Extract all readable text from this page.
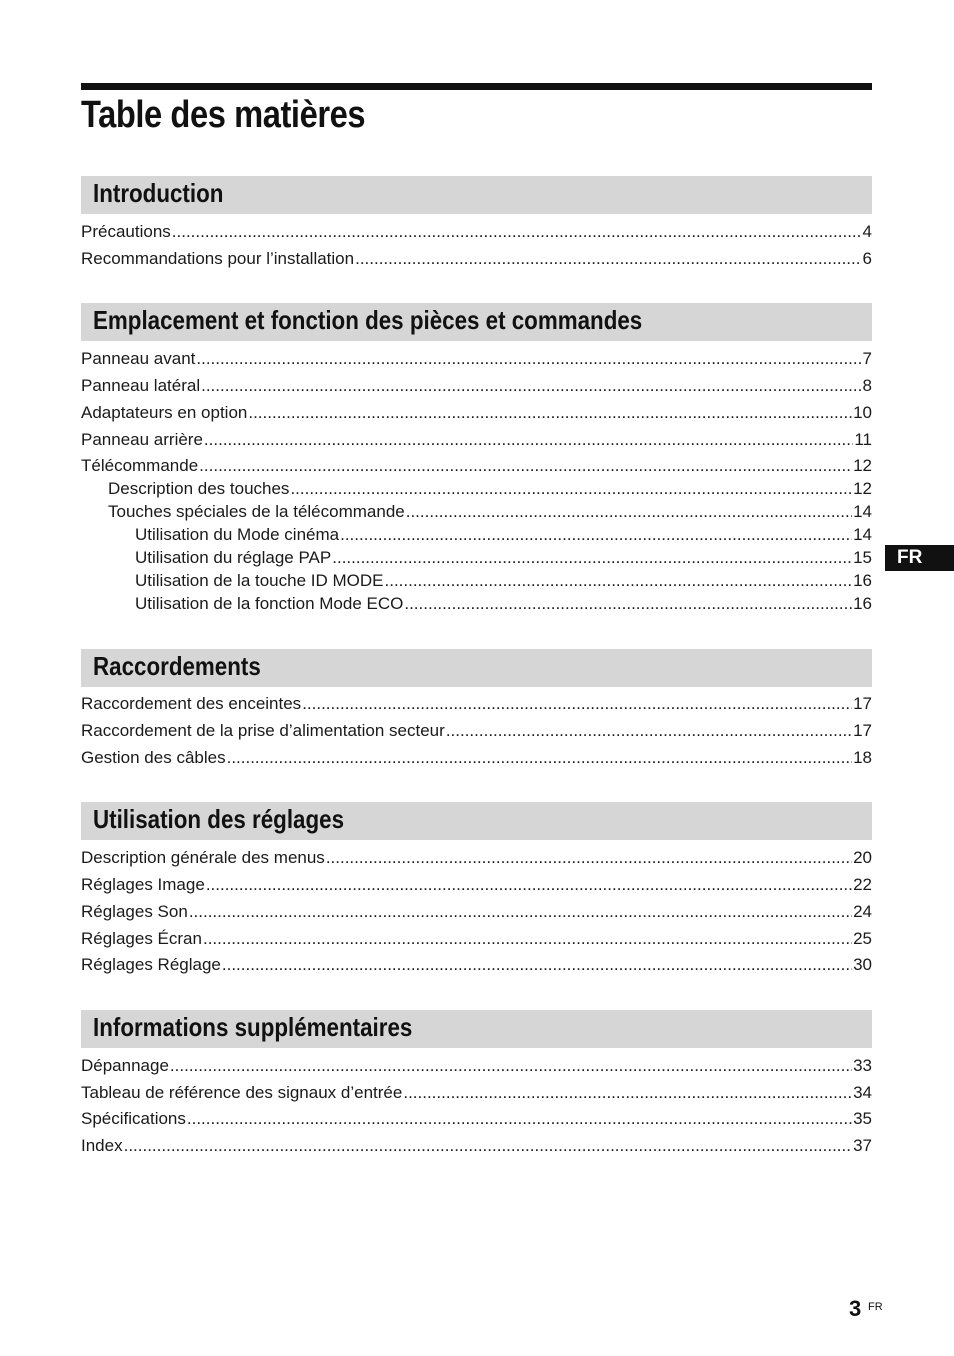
Table des matières
Introduction
Emplacement et fonction des pièces et commandes
Raccordements
Utilisation des réglages
Informations supplémentaires
Précautions .....	4
Recommandations pour l’installation .....	6
Panneau avant .....	7
Panneau latéral .....	8
Adaptateurs en option .....	10
Panneau arrière .....	11
Télécommande .....	12
Description des touches .....	12
Touches spéciales de la télécommande .....	14
Utilisation du Mode cinéma .....	14
Utilisation du réglage PAP .....	15
Utilisation de la touche ID MODE .....	16
Utilisation de la fonction Mode ECO .....	16
Raccordement des enceintes .....	17
Raccordement de la prise d’alimentation secteur .....	17
Gestion des câbles .....	18
Description générale des menus .....	20
Réglages Image .....	22
Réglages Son .....	24
Réglages Écran .....	25
Réglages Réglage .....	30
Dépannage .....	33
Tableau de référence des signaux d’entrée .....	34
Spécifications .....	35
Index .....	37
FR
3 FR
